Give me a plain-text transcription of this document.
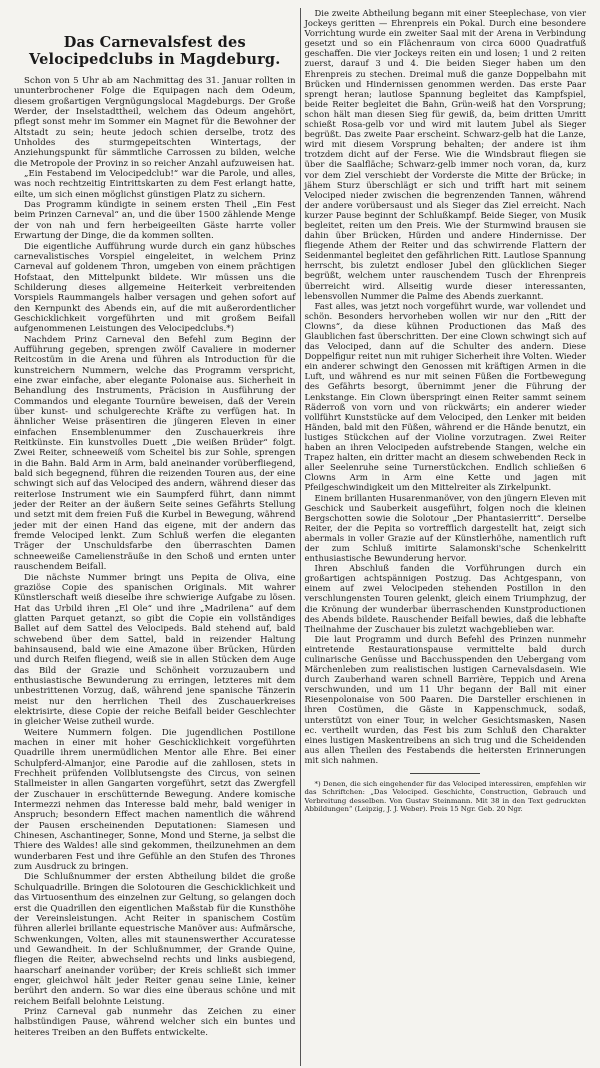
Das Carnevalsfest des Velocipedclubs in Magdeburg.

Schon von 5 Uhr ab am Nachmittag des 31. Januar rollten in ununterbrochener Folge die Equipagen nach dem Odeum, diesem großartigen Vergnügungslocal Magdeburgs. Der Große Werder, der Inselstadttheil, welchem das Odeum angehört, pflegt sonst mehr im Sommer ein Magnet für die Bewohner der Altstadt zu sein; heute jedoch schien derselbe, trotz des Unholdes des sturmgepeitschten Wintertags, der Anziehungspunkt für sämmtliche Carrossen zu bilden, welche die Metropole der Provinz in so reicher Anzahl aufzuweisen hat.

„Ein Festabend im Velocipedclub!“ war die Parole, und alles, was noch rechtzeitig Eintrittskarten zu dem Fest erlangt hatte, eilte, um sich einen möglichst günstigen Platz zu sichern.

Das Programm kündigte in seinem ersten Theil „Ein Fest beim Prinzen Carneval“ an, und die über 1500 zählende Menge der von nah und fern herbeigeeilten Gäste harrte voller Erwartung der Dinge, die da kommen sollten.

Die eigentliche Aufführung wurde durch ein ganz hübsches carnevalistisches Vorspiel eingeleitet, in welchem Prinz Carneval auf goldenem Thron, umgeben von einem prächtigen Hofstaat, den Mittelpunkt bildete. Wir müssen uns die Schilderung dieses allgemeine Heiterkeit verbreitenden Vorspiels Raummangels halber versagen und gehen sofort auf den Kernpunkt des Abends ein, auf die mit außerordentlicher Geschicklichkeit vorgeführten und mit großem Beifall aufgenommenen Leistungen des Velocipedclubs.*)

Nachdem Prinz Carneval den Befehl zum Beginn der Aufführung gegeben, sprengen zwölf Cavaliere in moderner Reitcostüm in die Arena und führen als Introduction für die kunstreichern Nummern, welche das Programm verspricht, eine zwar einfache, aber elegante Polonaise aus. Sicherheit in Behandlung des Instruments, Präcision in Ausführung der Commandos und elegante Tournüre beweisen, daß der Verein über kunst- und schulgerechte Kräfte zu verfügen hat. In ähnlicher Weise präsentiren die jüngeren Eleven in einer einfachen Ensemblenummer den Zuschauerkreis ihre Reitkünste. Ein kunstvolles Duett „Die weißen Brüder“ folgt. Zwei Reiter, schneeweiß vom Scheitel bis zur Sohle, sprengen in die Bahn. Bald Arm in Arm, bald aneinander vorüberfliegend, bald sich begegnend, führen die reizenden Touren aus, der eine schwingt sich auf das Velociped des andern, während dieser das reiterlose Instrument wie ein Saumpferd führt, dann nimmt jeder der Reiter an der äußern Seite seines Gefährts Stellung und setzt mit dem freien Fuß die Kurbel in Bewegung, während jeder mit der einen Hand das eigene, mit der andern das fremde Velociped lenkt. Zum Schluß werfen die eleganten Träger der Unschuldsfarbe den überraschten Damen schneeweiße Cameliensträuße in den Schoß und ernten unter rauschendem Beifall.

Die nächste Nummer bringt uns Pepita de Oliva, eine graziöse Copie des spanischen Originals. Mit wahrer Künstlerschaft weiß dieselbe ihre schwierige Aufgabe zu lösen. Hat das Urbild ihren „El Ole“ und ihre „Madrilena“ auf dem glatten Parquet getanzt, so gibt die Copie ein vollständiges Ballet auf dem Sattel des Velocipeds. Bald stehend auf, bald schwebend über dem Sattel, bald in reizender Haltung bahinsausend, bald wie eine Amazone über Brücken, Hürden und durch Reifen fliegend, weiß sie in allen Stücken dem Auge das Bild der Grazie und Schönheit vorzuzaubern und enthusiastische Bewunderung zu erringen, letzteres mit dem unbestrittenen Vorzug, daß, während jene spanische Tänzerin meist nur den herrlichen Theil des Zuschauerkreises elektrisirte, diese Copie der reiche Beifall beider Geschlechter in gleicher Weise zutheil wurde.

Weitere Nummern folgen. Die jugendlichen Postillone machen in einer mit hoher Geschicklichkeit vorgeführten Quadrille ihrem unermüdlichen Mentor alle Ehre. Bei einer Schulpferd-Almanjor, eine Parodie auf die zahllosen, stets in Frechheit prüfenden Vollblutsengste des Circus, von seinen Stallmeister in allen Gangarten vorgeführt, setzt das Zwergfell der Zuschauer in erschütternde Bewegung. Andere komische Intermezzi nehmen das Interesse bald mehr, bald weniger in Anspruch; besondern Effect machen namentlich die während der Pausen erscheinenden Deputationen: Siamesen und Chinesen, Aschantineger, Sonne, Mond und Sterne, ja selbst die Thiere des Waldes! alle sind gekommen, theilzunehmen an dem wunderbaren Fest und ihre Gefühle an den Stufen des Thrones zum Ausdruck zu bringen.

Die Schlußnummer der ersten Abtheilung bildet die große Schulquadrille. Bringen die Solotouren die Geschicklichkeit und das Virtuosenthum des einzelnen zur Geltung, so gelangen doch erst die Quadrillen den eigentlichen Maßstab für die Kunsthöhe der Vereinsleistungen. Acht Reiter in spanischem Costüm führen allerlei brillante equestrische Manöver aus: Aufmärsche, Schwenkungen, Volten, alles mit staunenswerther Accuratesse und Gewandheit. In der Schlußnummer, der Grande Quine, fliegen die Reiter, abwechselnd rechts und links ausbiegend, haarscharf aneinander vorüber; der Kreis schließt sich immer enger, gleichwol hält jeder Reiter genau seine Linie, keiner berührt den andern. So war dies eine überaus schöne und mit reichem Beifall belohnte Leistung.

Prinz Carneval gab nunmehr das Zeichen zu einer halbstündigen Pause, während welcher sich ein buntes und heiteres Treiben an den Buffets entwickelte.

Die zweite Abtheilung begann mit einer Steeplechase, von vier Jockeys geritten — Ehrenpreis ein Pokal. Durch eine besondere Vorrichtung wurde ein zweiter Saal mit der Arena in Verbindung gesetzt und so ein Flächenraum von circa 6000 Quadratfuß geschaffen. Die vier Jockeys reiten ein und losen; 1 und 2 reiten zuerst, darauf 3 und 4. Die beiden Sieger haben um den Ehrenpreis zu stechen. Dreimal muß die ganze Doppelbahn mit Brücken und Hindernissen genommen werden. Das erste Paar sprengt heran; lautlose Spannung begleitet das Kampfspiel, beide Reiter begleitet die Bahn, Grün-weiß hat den Vorsprung; schon hält man diesen Sieg für gewiß, da, beim dritten Umritt schießt Rosa-gelb vor und wird mit lautem Jubel als Sieger begrüßt. Das zweite Paar erscheint. Schwarz-gelb hat die Lanze, wird mit diesem Vorsprung behalten; der andere ist ihm trotzdem dicht auf der Ferse. Wie die Windsbraut fliegen sie über die Saalfläche; Schwarz-gelb immer noch voran, da, kurz vor dem Ziel verschiebt der Vorderste die Mitte der Brücke; in jähem Sturz überschlägt er sich und trifft hart mit seinem Velociped nieder zwischen die begrenzenden Tannen, während der andere vorübersaust und als Sieger das Ziel erreicht. Nach kurzer Pause beginnt der Schlußkampf. Beide Sieger, von Musik begleitet, reiten um den Preis. Wie der Sturmwind brausen sie dahin über Brücken, Hürden und andere Hindernisse. Der fliegende Athem der Reiter und das schwirrende Flattern der Seidenmantel begleitet den gefährlichen Ritt. Lautlose Spannung herrscht, bis zuletzt endloser Jubel den glücklichen Sieger begrüßt, welchem unter rauschendem Tusch der Ehrenpreis überreicht wird. Allseitig wurde dieser interessanten, lebensvollen Nummer die Palme des Abends zuerkannt.

Fast alles, was jetzt noch vorgeführt wurde, war vollendet und schön. Besonders hervorheben wollen wir nur den „Ritt der Clowns“, da diese kühnen Productionen das Maß des Glaublichen fast überschritten. Der eine Clown schwingt sich auf das Velociped, dann auf die Schulter des andern. Diese Doppelfigur reitet nun mit ruhiger Sicherheit ihre Volten. Wieder ein anderer schwingt den Genossen mit kräftigen Armen in die Luft, und während es nur mit seinen Füßen die Fortbewegung des Gefährts besorgt, übernimmt jener die Führung der Lenkstange. Ein Clown überspringt einen Reiter sammt seinem Räderroß von vorn und von rückwärts; ein anderer wieder vollführt Kunststücke auf dem Velociped, den Lenker mit beiden Händen, bald mit den Füßen, während er die Hände benutzt, ein lustiges Stückchen auf der Violine vorzutragen. Zwei Reiter haben an ihren Velocipeden aufstrebende Stangen, welche ein Trapez halten, ein dritter macht an diesem schwebenden Reck in aller Seelenruhe seine Turnerstückchen. Endlich schließen 6 Clowns Arm in Arm eine Kette und jagen mit Pfeilgeschwindigkeit um den Mittelreiter als Zirkelpunkt.

Einem brillanten Husarenmanöver, von den jüngern Eleven mit Geschick und Sauberkeit ausgeführt, folgen noch die kleinen Bergschotten sowie die Solotour „Der Phantasierritt“. Derselbe Reiter, der die Pepita so vortrefflich dargestellt hat, zeigt sich abermals in voller Grazie auf der Künstlerhöhe, namentlich ruft der zum Schluß imitirte Salamonski'sche Schenkelritt enthusiastische Bewunderung hervor.

Ihren Abschluß fanden die Vorführungen durch ein großartigen achtspännigen Postzug. Das Achtgespann, von einem auf zwei Velocipeden stehenden Postillon in den verschlungensten Touren gelenkt, gleich einem Triumphzug, der die Krönung der wunderbar überraschenden Kunstproductionen des Abends bildete. Rauschender Beifall bewies, daß die lebhafte Theilnahme der Zuschauer bis zuletzt wachgeblieben war.

Die laut Programm und durch Befehl des Prinzen nunmehr eintretende Restaurationspause vermittelte bald durch culinarische Genüsse und Bacchusspenden den Uebergang vom Märchenleben zum realistischen lustigen Carnevalsdasein. Wie durch Zauberhand waren schnell Barrière, Teppich und Arena verschwunden, und um 11 Uhr begann der Ball mit einer Riesenpolonaise von 500 Paaren. Die Darsteller erschienen in ihren Costümen, die Gäste in Kappenschmuck, sodaß, unterstützt von einer Tour, in welcher Gesichtsmasken, Nasen ec. vertheilt wurden, das Fest bis zum Schluß den Charakter eines lustigen Maskentreibens an sich trug und die Scheidenden aus allen Theilen des Festabends die heitersten Erinnerungen mit sich nahmen.

*) Denen, die sich eingehender für das Velociped interessiren, empfehlen wir das Schriftchen: „Das Velociped. Geschichte, Construction, Gebrauch und Verbreitung desselben. Von Gustav Steinmann. Mit 38 in den Text gedruckten Abbildungen“ (Leipzig, J. J. Weber). Preis 15 Ngr. Geb. 20 Ngr.
